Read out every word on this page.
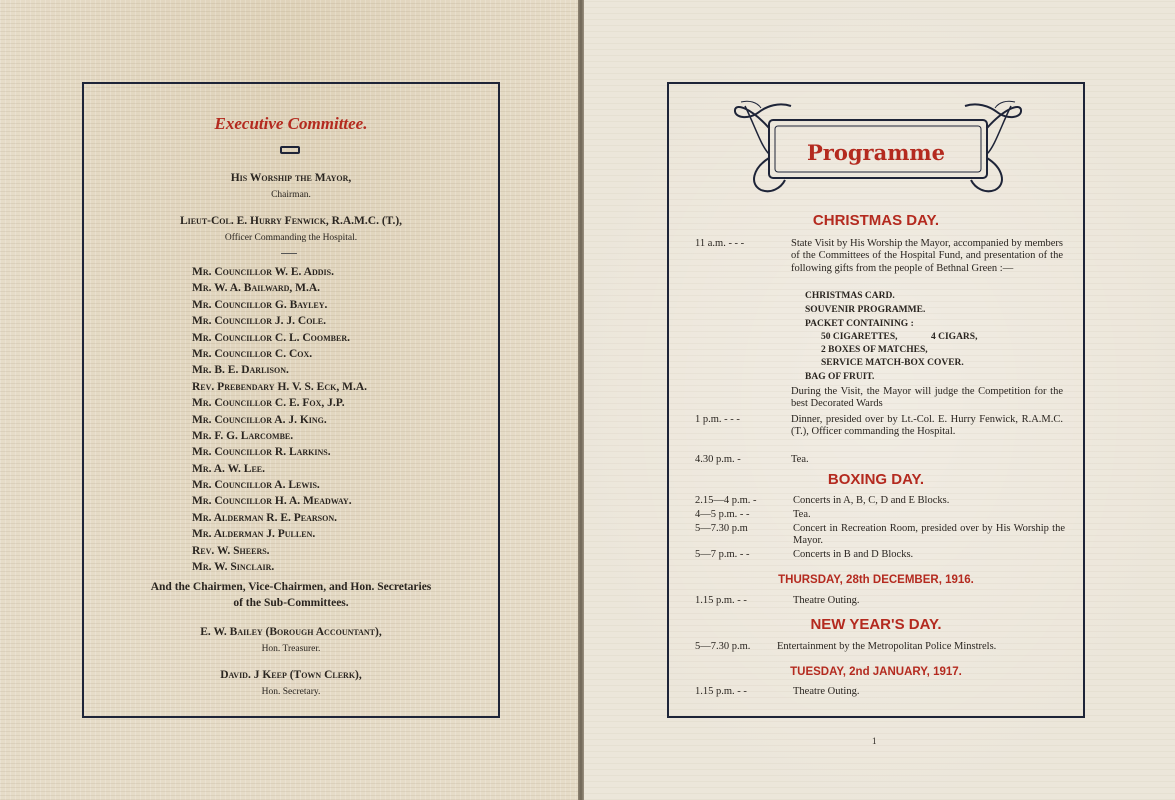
Executive Committee.
His Worship the Mayor,
Chairman.
Lieut-Col. E. Hurry Fenwick, R.A.M.C. (T.),
Officer Commanding the Hospital.
Mr. Councillor W. E. Addis.
Mr. W. A. Bailward, M.A.
Mr. Councillor G. Bayley.
Mr. Councillor J. J. Cole.
Mr. Councillor C. L. Coomber.
Mr. Councillor C. Cox.
Mr. B. E. Darlison.
Rev. Prebendary H. V. S. Eck, M.A.
Mr. Councillor C. E. Fox, J.P.
Mr. Councillor A. J. King.
Mr. F. G. Larcombe.
Mr. Councillor R. Larkins.
Mr. A. W. Lee.
Mr. Councillor A. Lewis.
Mr. Councillor H. A. Meadway.
Mr. Alderman R. E. Pearson.
Mr. Alderman J. Pullen.
Rev. W. Sheers.
Mr. W. Sinclair.
And the Chairmen, Vice-Chairmen, and Hon. Secretaries
of the Sub-Committees.
E. W. Bailey (Borough Accountant),
Hon. Treasurer.
David. J Keep (Town Clerk),
Hon. Secretary.
Programme
CHRISTMAS DAY.
11 a.m. - - -	State Visit by His Worship the Mayor, accompanied by members of the Committees of the Hospital Fund, and presentation of the following gifts from the people of Bethnal Green :—
CHRISTMAS CARD.
SOUVENIR PROGRAMME.
PACKET CONTAINING :
50 CIGARETTES,	4 CIGARS,
2 BOXES OF MATCHES,
SERVICE MATCH-BOX COVER.
BAG OF FRUIT.
During the Visit, the Mayor will judge the Competition for the best Decorated Wards
1 p.m. - - -	Dinner, presided over by Lt.-Col. E. Hurry Fenwick, R.A.M.C. (T.), Officer commanding the Hospital.
4.30 p.m. -	Tea.
BOXING DAY.
2.15—4 p.m. -	Concerts in A, B, C, D and E Blocks.
4—5 p.m. - -	Tea.
5—7.30 p.m	Concert in Recreation Room, presided over by His Worship the Mayor.
5—7 p.m. - -	Concerts in B and D Blocks.
THURSDAY, 28th DECEMBER, 1916.
1.15 p.m. - -	Theatre Outing.
NEW YEAR'S DAY.
5—7.30 p.m.	Entertainment by the Metropolitan Police Minstrels.
TUESDAY, 2nd JANUARY, 1917.
1.15 p.m. - -	Theatre Outing.
1
